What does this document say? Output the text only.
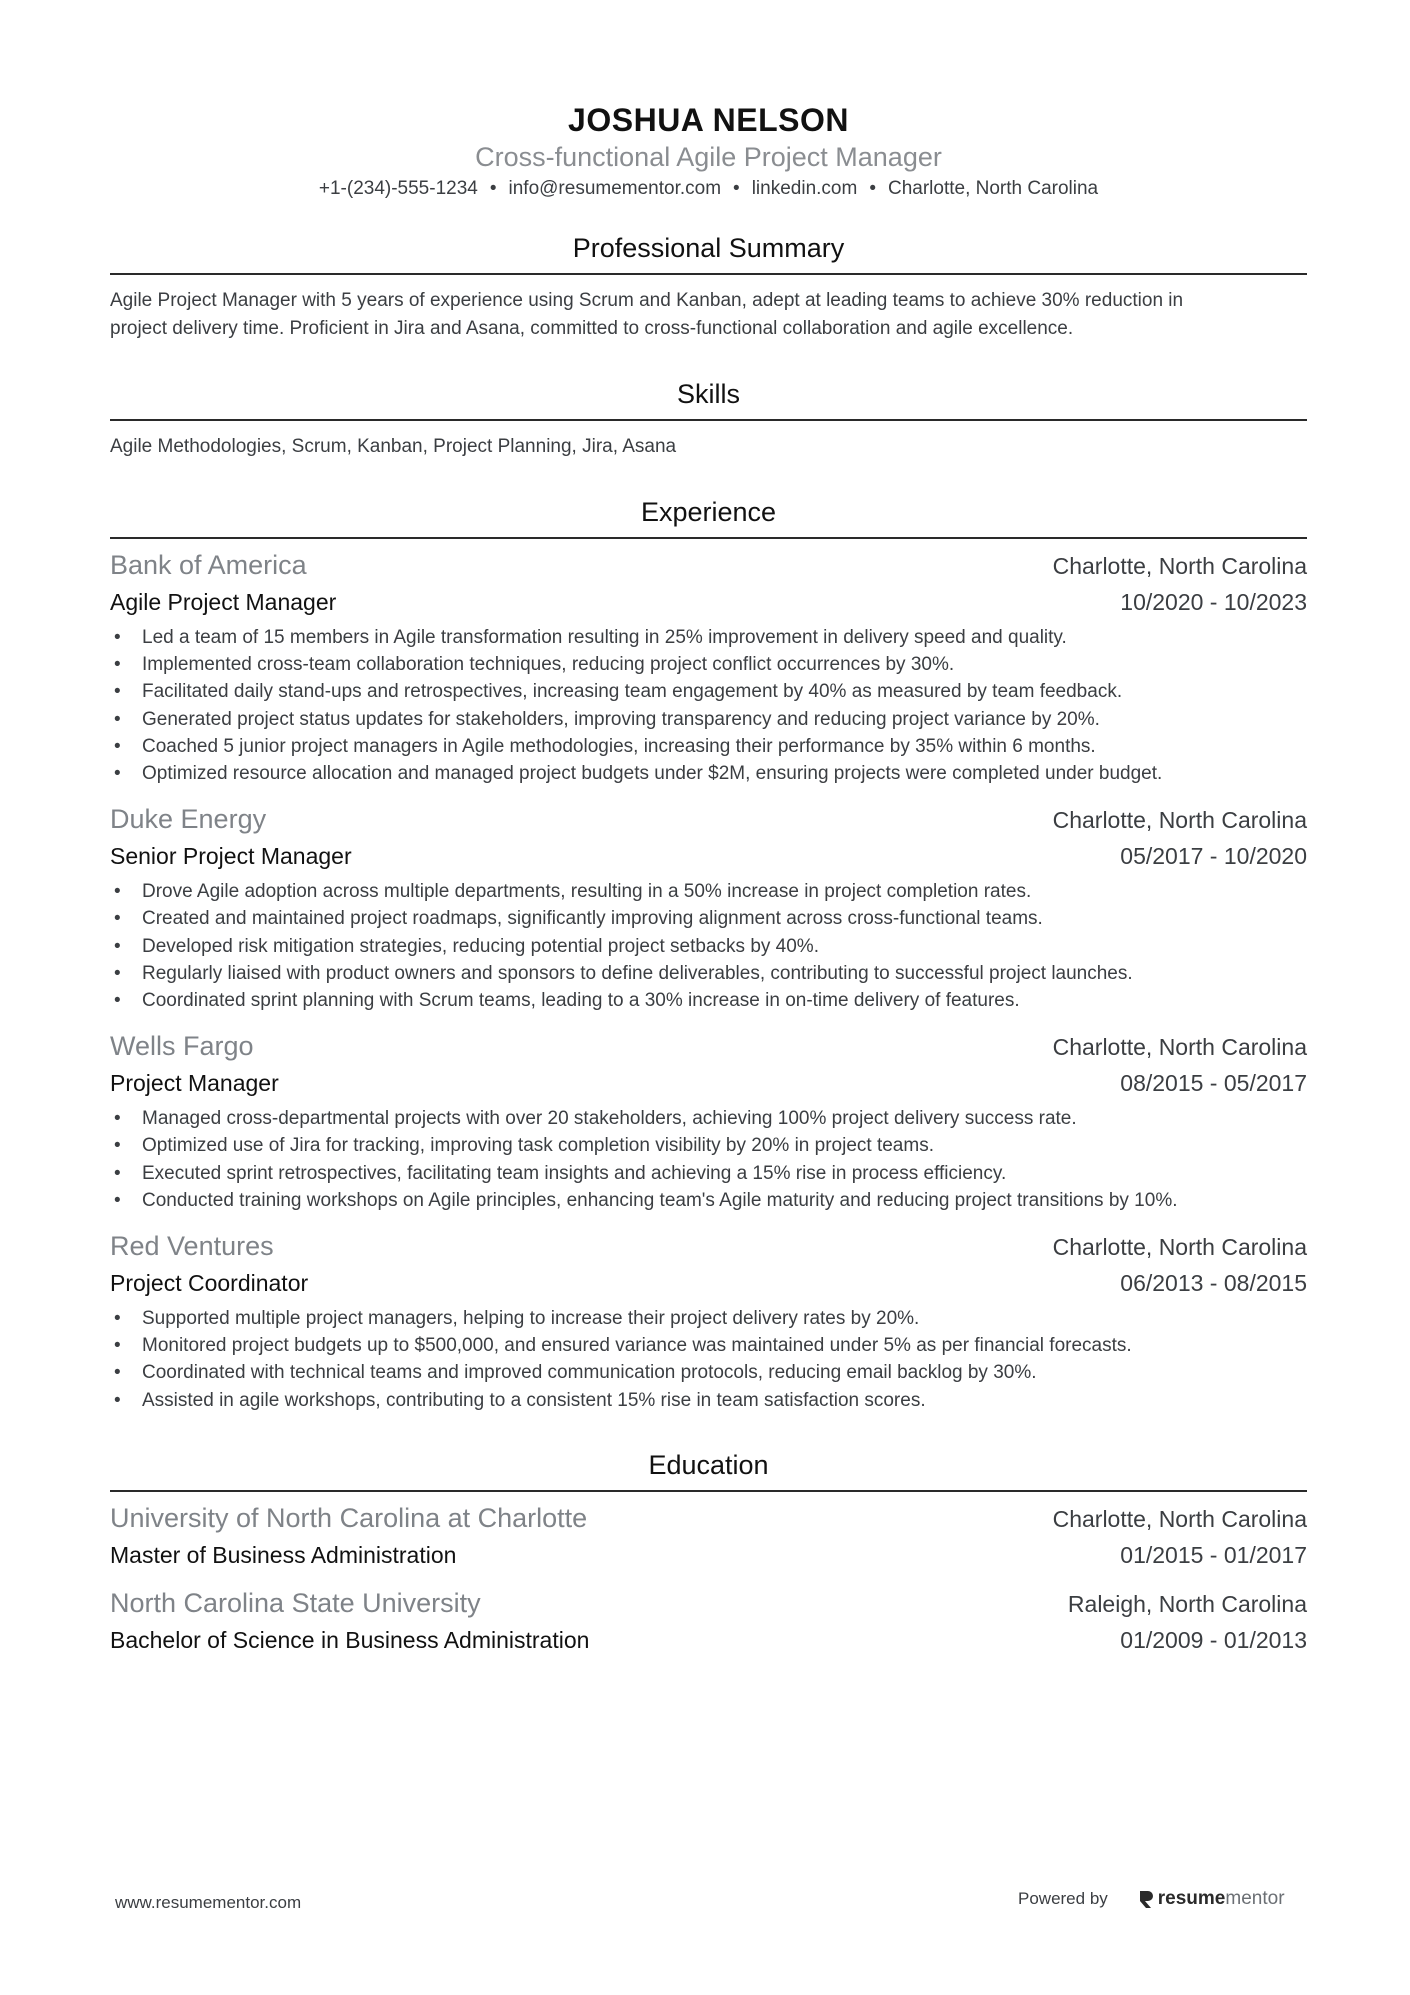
JOSHUA NELSON
Cross-functional Agile Project Manager
+1-(234)-555-1234 • info@resumementor.com • linkedin.com • Charlotte, North Carolina
Professional Summary
Agile Project Manager with 5 years of experience using Scrum and Kanban, adept at leading teams to achieve 30% reduction in
project delivery time. Proficient in Jira and Asana, committed to cross-functional collaboration and agile excellence.
Skills
Agile Methodologies, Scrum, Kanban, Project Planning, Jira, Asana
Experience
Bank of America	Charlotte, North Carolina
Agile Project Manager	10/2020 - 10/2023
• Led a team of 15 members in Agile transformation resulting in 25% improvement in delivery speed and quality.
• Implemented cross-team collaboration techniques, reducing project conflict occurrences by 30%.
• Facilitated daily stand-ups and retrospectives, increasing team engagement by 40% as measured by team feedback.
• Generated project status updates for stakeholders, improving transparency and reducing project variance by 20%.
• Coached 5 junior project managers in Agile methodologies, increasing their performance by 35% within 6 months.
• Optimized resource allocation and managed project budgets under $2M, ensuring projects were completed under budget.
Duke Energy	Charlotte, North Carolina
Senior Project Manager	05/2017 - 10/2020
• Drove Agile adoption across multiple departments, resulting in a 50% increase in project completion rates.
• Created and maintained project roadmaps, significantly improving alignment across cross-functional teams.
• Developed risk mitigation strategies, reducing potential project setbacks by 40%.
• Regularly liaised with product owners and sponsors to define deliverables, contributing to successful project launches.
• Coordinated sprint planning with Scrum teams, leading to a 30% increase in on-time delivery of features.
Wells Fargo	Charlotte, North Carolina
Project Manager	08/2015 - 05/2017
• Managed cross-departmental projects with over 20 stakeholders, achieving 100% project delivery success rate.
• Optimized use of Jira for tracking, improving task completion visibility by 20% in project teams.
• Executed sprint retrospectives, facilitating team insights and achieving a 15% rise in process efficiency.
• Conducted training workshops on Agile principles, enhancing team's Agile maturity and reducing project transitions by 10%.
Red Ventures	Charlotte, North Carolina
Project Coordinator	06/2013 - 08/2015
• Supported multiple project managers, helping to increase their project delivery rates by 20%.
• Monitored project budgets up to $500,000, and ensured variance was maintained under 5% as per financial forecasts.
• Coordinated with technical teams and improved communication protocols, reducing email backlog by 30%.
• Assisted in agile workshops, contributing to a consistent 15% rise in team satisfaction scores.
Education
University of North Carolina at Charlotte	Charlotte, North Carolina
Master of Business Administration	01/2015 - 01/2017
North Carolina State University	Raleigh, North Carolina
Bachelor of Science in Business Administration	01/2009 - 01/2013
www.resumementor.com	Powered by	resume mentor
